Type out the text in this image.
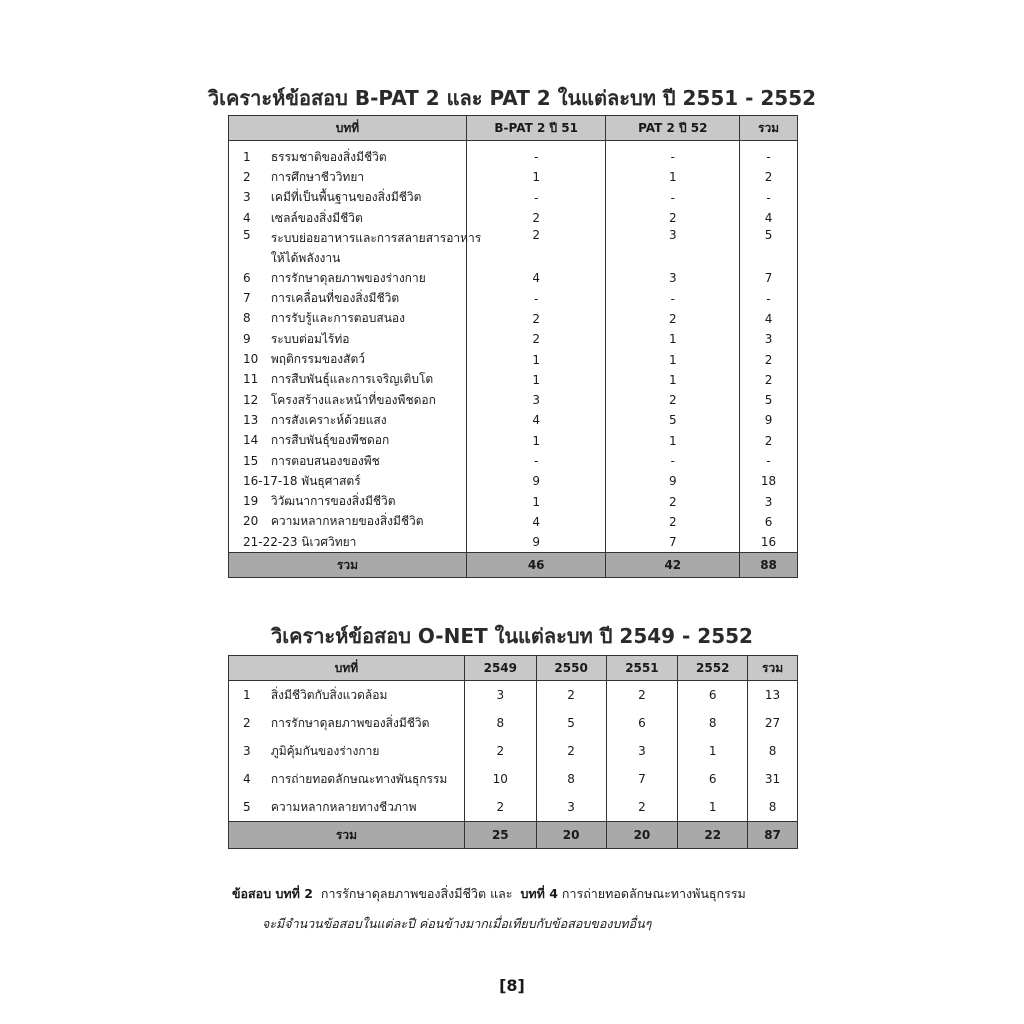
วิเคราะห์ข้อสอบ B-PAT 2 และ PAT 2 ในแต่ละบท ปี 2551 - 2552
บทที่	B-PAT 2 ปี 51	PAT 2 ปี 52	รวม
1 ธรรมชาติของสิ่งมีชีวิต	-	-	-
2 การศึกษาชีววิทยา	1	1	2
3 เคมีที่เป็นพื้นฐานของสิ่งมีชีวิต	-	-	-
4 เซลล์ของสิ่งมีชีวิต	2	2	4
5 ระบบย่อยอาหารและการสลายสารอาหาร
ให้ได้พลังงาน	2	3	5
6 การรักษาดุลยภาพของร่างกาย	4	3	7
7 การเคลื่อนที่ของสิ่งมีชีวิต	-	-	-
8 การรับรู้และการตอบสนอง	2	2	4
9 ระบบต่อมไร้ท่อ	2	1	3
10 พฤติกรรมของสัตว์	1	1	2
11 การสืบพันธุ์และการเจริญเติบโต	1	1	2
12 โครงสร้างและหน้าที่ของพืชดอก	3	2	5
13 การสังเคราะห์ด้วยแสง	4	5	9
14 การสืบพันธุ์ของพืชดอก	1	1	2
15 การตอบสนองของพืช	-	-	-
16-17-18 พันธุศาสตร์	9	9	18
19 วิวัฒนาการของสิ่งมีชีวิต	1	2	3
20 ความหลากหลายของสิ่งมีชีวิต	4	2	6
21-22-23 นิเวศวิทยา	9	7	16
รวม	46	42	88
วิเคราะห์ข้อสอบ O-NET ในแต่ละบท ปี 2549 - 2552
บทที่	2549	2550	2551	2552	รวม
1 สิ่งมีชีวิตกับสิ่งแวดล้อม	3	2	2	6	13
2 การรักษาดุลยภาพของสิ่งมีชีวิต	8	5	6	8	27
3 ภูมิคุ้มกันของร่างกาย	2	2	3	1	8
4 การถ่ายทอดลักษณะทางพันธุกรรม	10	8	7	6	31
5 ความหลากหลายทางชีวภาพ	2	3	2	1	8
รวม	25	20	20	22	87
ข้อสอบ บทที่ 2 การรักษาดุลยภาพของสิ่งมีชีวิต และ บทที่ 4 การถ่ายทอดลักษณะทางพันธุกรรม
จะมีจำนวนข้อสอบในแต่ละปี ค่อนข้างมากเมื่อเทียบกับข้อสอบของบทอื่นๆ
[8]
